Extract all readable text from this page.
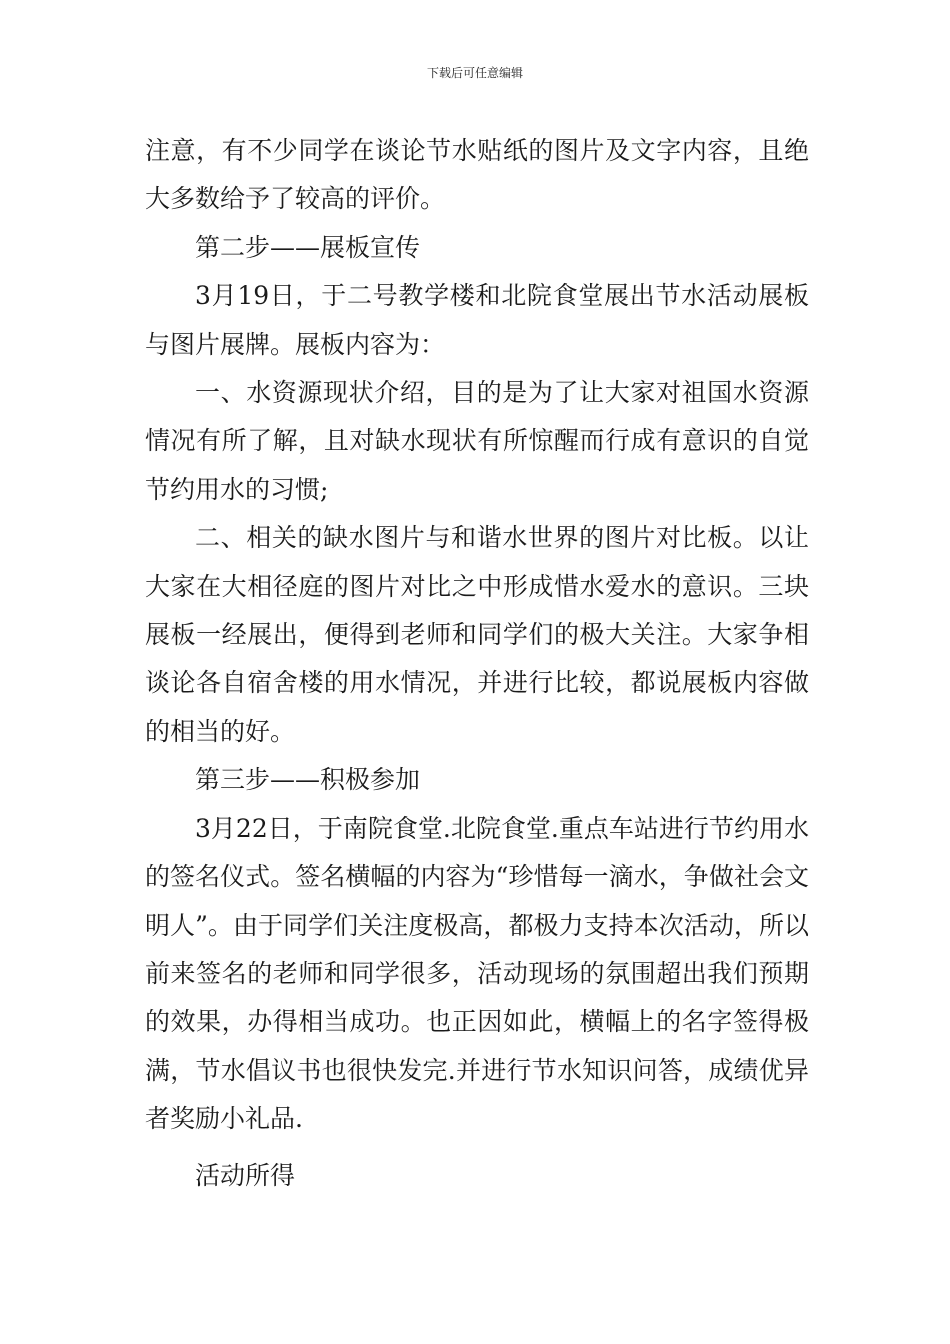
下载后可任意编辑

注意，有不少同学在谈论节水贴纸的图片及文字内容，且绝大多数给予了较高的评价。

第二步——展板宣传

3月19日，于二号教学楼和北院食堂展出节水活动展板与图片展牌。展板内容为：

一、水资源现状介绍，目的是为了让大家对祖国水资源情况有所了解，且对缺水现状有所惊醒而行成有意识的自觉节约用水的习惯;

二、相关的缺水图片与和谐水世界的图片对比板。以让大家在大相径庭的图片对比之中形成惜水爱水的意识。三块展板一经展出，便得到老师和同学们的极大关注。大家争相谈论各自宿舍楼的用水情况，并进行比较，都说展板内容做的相当的好。

第三步——积极参加

3月22日，于南院食堂.北院食堂.重点车站进行节约用水的签名仪式。签名横幅的内容为“珍惜每一滴水，争做社会文明人”。由于同学们关注度极高，都极力支持本次活动，所以前来签名的老师和同学很多，活动现场的氛围超出我们预期的效果，办得相当成功。也正因如此，横幅上的名字签得极满，节水倡议书也很快发完.并进行节水知识问答，成绩优异者奖励小礼品.

活动所得
